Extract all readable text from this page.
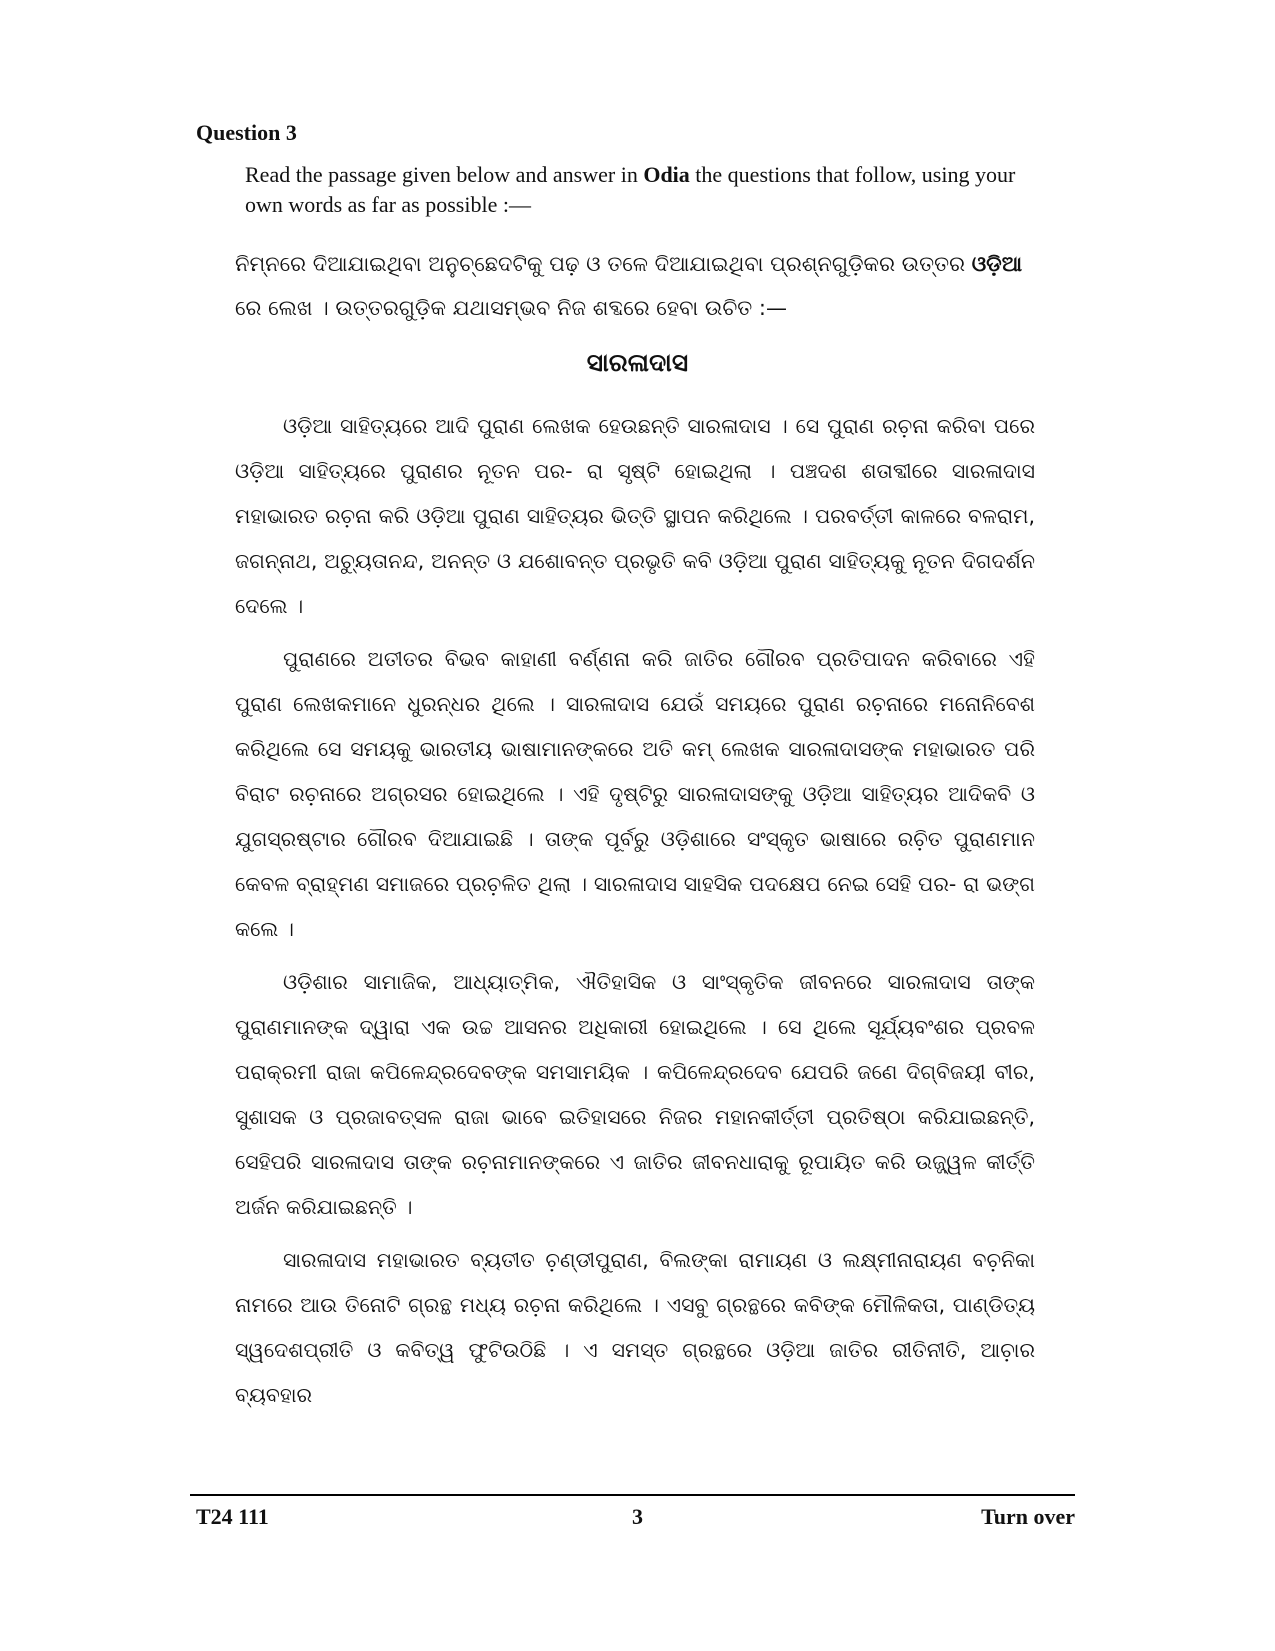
Question 3

Read the passage given below and answer in Odia the questions that follow, using your own words as far as possible :—

ନିମ୍ନରେ ଦିଆଯାଇଥିବା ଅନୁଚ୍ଛେଦଟିକୁ ପଢ଼ ଓ ତଳେ ଦିଆଯାଇଥିବା ପ୍ରଶ୍ନଗୁଡ଼ିକର ଉତ୍ତର ଓଡ଼ିଆ ରେ ଲେଖ । ଉତ୍ତରଗୁଡ଼ିକ ଯଥାସମ୍ଭବ ନିଜ ଶବ୍ଦରେ ହେବା ଉଚିତ :—

ସାରଳାଦାସ

ଓଡ଼ିଆ ସାହିତ୍ୟରେ ଆଦି ପୁରାଣ ଲେଖକ ହେଉଛନ୍ତି ସାରଳାଦାସ । ସେ ପୁରାଣ ରଚ଼ନା କରିବା ପରେ ଓଡ଼ିଆ ସାହିତ୍ୟରେ ପୁରାଣର ନୂତନ ପର- ରା ସୃଷ୍ଟି ହୋଇଥିଲା । ପଞ୍ଚଦଶ ଶତାବ୍ଦୀରେ ସାରଳାଦାସ ମହାଭାରତ ରଚ଼ନା କରି ଓଡ଼ିଆ ପୁରାଣ ସାହିତ୍ୟର ଭିତ୍ତି ସ୍ଥାପନ କରିଥିଲେ । ପରବର୍ତ୍ତୀ କାଳରେ ବଳରାମ, ଜଗନ୍ନାଥ, ଅଚ୍ୟୁତାନନ୍ଦ, ଅନନ୍ତ ଓ ଯଶୋବନ୍ତ ପ୍ରଭୃତି କବି ଓଡ଼ିଆ ପୁରାଣ ସାହିତ୍ୟକୁ ନୂତନ ଦିଗଦର୍ଶନ ଦେଲେ ।

ପୁରାଣରେ ଅତୀତର ବିଭବ କାହାଣୀ ବର୍ଣ୍ଣନା କରି ଜାତିର ଗୌରବ ପ୍ରତିପାଦନ କରିବାରେ ଏହି ପୁରାଣ ଲେଖକମାନେ ଧୁରନ୍ଧର ଥିଲେ । ସାରଳାଦାସ ଯେଉଁ ସମୟରେ ପୁରାଣ ରଚ଼ନାରେ ମନୋନିବେଶ କରିଥିଲେ ସେ ସମୟକୁ ଭାରତୀୟ ଭାଷାମାନଙ୍କରେ ଅତି କମ୍ ଲେଖକ ସାରଳାଦାସଙ୍କ ମହାଭାରତ ପରି ବିରାଟ ରଚ଼ନାରେ ଅଗ୍ରସର ହୋଇଥିଲେ । ଏହି ଦୃଷ୍ଟିରୁ ସାରଳାଦାସଙ୍କୁ ଓଡ଼ିଆ ସାହିତ୍ୟର ଆଦିକବି ଓ ଯୁଗସ୍ରଷ୍ଟାର ଗୌରବ ଦିଆଯାଇଛି । ତାଙ୍କ ପୂର୍ବରୁ ଓଡ଼ିଶାରେ ସଂସ୍କୃତ ଭାଷାରେ ରଚ଼ିତ ପୁରାଣମାନ କେବଳ ବ୍ରାହ୍ମଣ ସମାଜରେ ପ୍ରଚ଼ଳିତ ଥିଲା । ସାରଳାଦାସ ସାହସିକ ପଦକ୍ଷେପ ନେଇ ସେହି ପର- ରା ଭଙ୍ଗ କଲେ ।

ଓଡ଼ିଶାର ସାମାଜିକ, ଆଧ୍ୟାତ୍ମିକ, ଐତିହାସିକ ଓ ସାଂସ୍କୃତିକ ଜୀବନରେ ସାରଳାଦାସ ତାଙ୍କ ପୁରାଣମାନଙ୍କ ଦ୍ୱାରା ଏକ ଉଚ୍ଚ ଆସନର ଅଧିକାରୀ ହୋଇଥିଲେ । ସେ ଥିଲେ ସୂର୍ଯ୍ୟବଂଶର ପ୍ରବଳ ପରାକ୍ରମୀ ରାଜା କପିଳେନ୍ଦ୍ରଦେବଙ୍କ ସମସାମୟିକ । କପିଳେନ୍ଦ୍ରଦେବ ଯେପରି ଜଣେ ଦିଗ୍‌ବିଜୟୀ ବୀର, ସୁଶାସକ ଓ ପ୍ରଜାବତ୍ସଳ ରାଜା ଭାବେ ଇତିହାସରେ ନିଜର ମହାନକୀର୍ତ୍ତୀ ପ୍ରତିଷ୍ଠା କରିଯାଇଛନ୍ତି, ସେହିପରି ସାରଳାଦାସ ତାଙ୍କ ରଚ଼ନାମାନଙ୍କରେ ଏ ଜାତିର ଜୀବନଧାରାକୁ ରୂପାୟିତ କରି ଉଜ୍ଜ୍ୱଳ କୀର୍ତ୍ତି ଅର୍ଜନ କରିଯାଇଛନ୍ତି ।

ସାରଳାଦାସ ମହାଭାରତ ବ୍ୟତୀତ ଚ଼ଣ୍ଡୀପୁରାଣ, ବିଲଙ୍କା ରାମାୟଣ ଓ ଲକ୍ଷ୍ମୀନାରାୟଣ ବଚ଼ନିକା ନାମରେ ଆଉ ତିନୋଟି ଗ୍ରନ୍ଥ ମଧ୍ୟ ରଚ଼ନା କରିଥିଲେ । ଏସବୁ ଗ୍ରନ୍ଥରେ କବିଙ୍କ ମୌଳିକତା, ପାଣ୍ଡିତ୍ୟ ସ୍ୱଦେଶପ୍ରୀତି ଓ କବିତ୍ୱ ଫୁଟିଉଠିଛି । ଏ ସମସ୍ତ ଗ୍ରନ୍ଥରେ ଓଡ଼ିଆ ଜାତିର ରୀତିନୀତି, ଆଚ଼ାର ବ୍ୟବହାର

T24 111	3	Turn over
